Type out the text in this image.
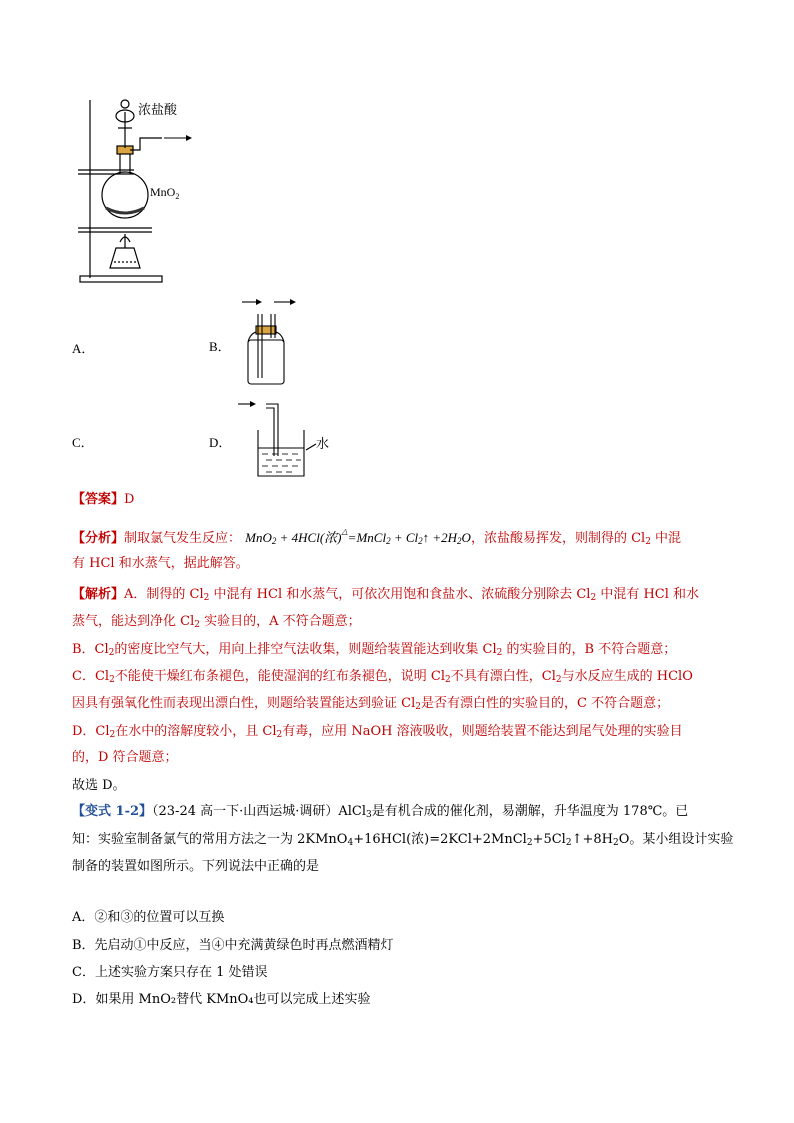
浓盐酸
MnO$_2$
A．	B．
C．	D．	水
【答案】D
【分析】制取氯气发生反应： MnO$_2$ + 4HCl(浓)△=MnCl$_2$ + $Cl_2↑ +2H_2O$，浓盐酸易挥发，则制得的 $Cl_2$ 中混
有 HCl 和水蒸气，据此解答。
【解析】A．制得的 $Cl_2$ 中混有 HCl 和水蒸气，可依次用饱和食盐水、浓硫酸分别除去 $Cl_2$ 中混有 HCl 和水
蒸气，能达到净化 $Cl_2$ 实验目的，A 不符合题意；
B．$Cl_2$的密度比空气大，用向上排空气法收集，则题给装置能达到收集 $Cl_2$ 的实验目的，B 不符合题意；
C．$Cl_2$不能使干燥红布条褪色，能使湿润的红布条褪色，说明 $Cl_2$不具有漂白性，$Cl_2$与水反应生成的 HClO
因具有强氧化性而表现出漂白性，则题给装置能达到验证 $Cl_2$是否有漂白性的实验目的，C 不符合题意；
D．$Cl_2$在水中的溶解度较小，且 $Cl_2$有毒，应用 NaOH 溶液吸收，则题给装置不能达到尾气处理的实验目
的，D 符合题意；
故选 D。
【变式 1-2】（23-24 高一下·山西运城·调研）AlCl$_3$是有机合成的催化剂，易潮解，升华温度为 178℃。已
知：实验室制备氯气的常用方法之一为 2KMnO$_4$+16HCl(浓)$=2KCl+2MnCl_2+5Cl_2↑+8H_2O$。某小组设计实验
制备的装置如图所示。下列说法中正确的是
A．②和③的位置可以互换
B．先启动①中反应，当④中充满黄绿色时再点燃酒精灯
C．上述实验方案只存在 1 处错误
D．如果用 MnO₂替代 KMnO₄也可以完成上述实验
